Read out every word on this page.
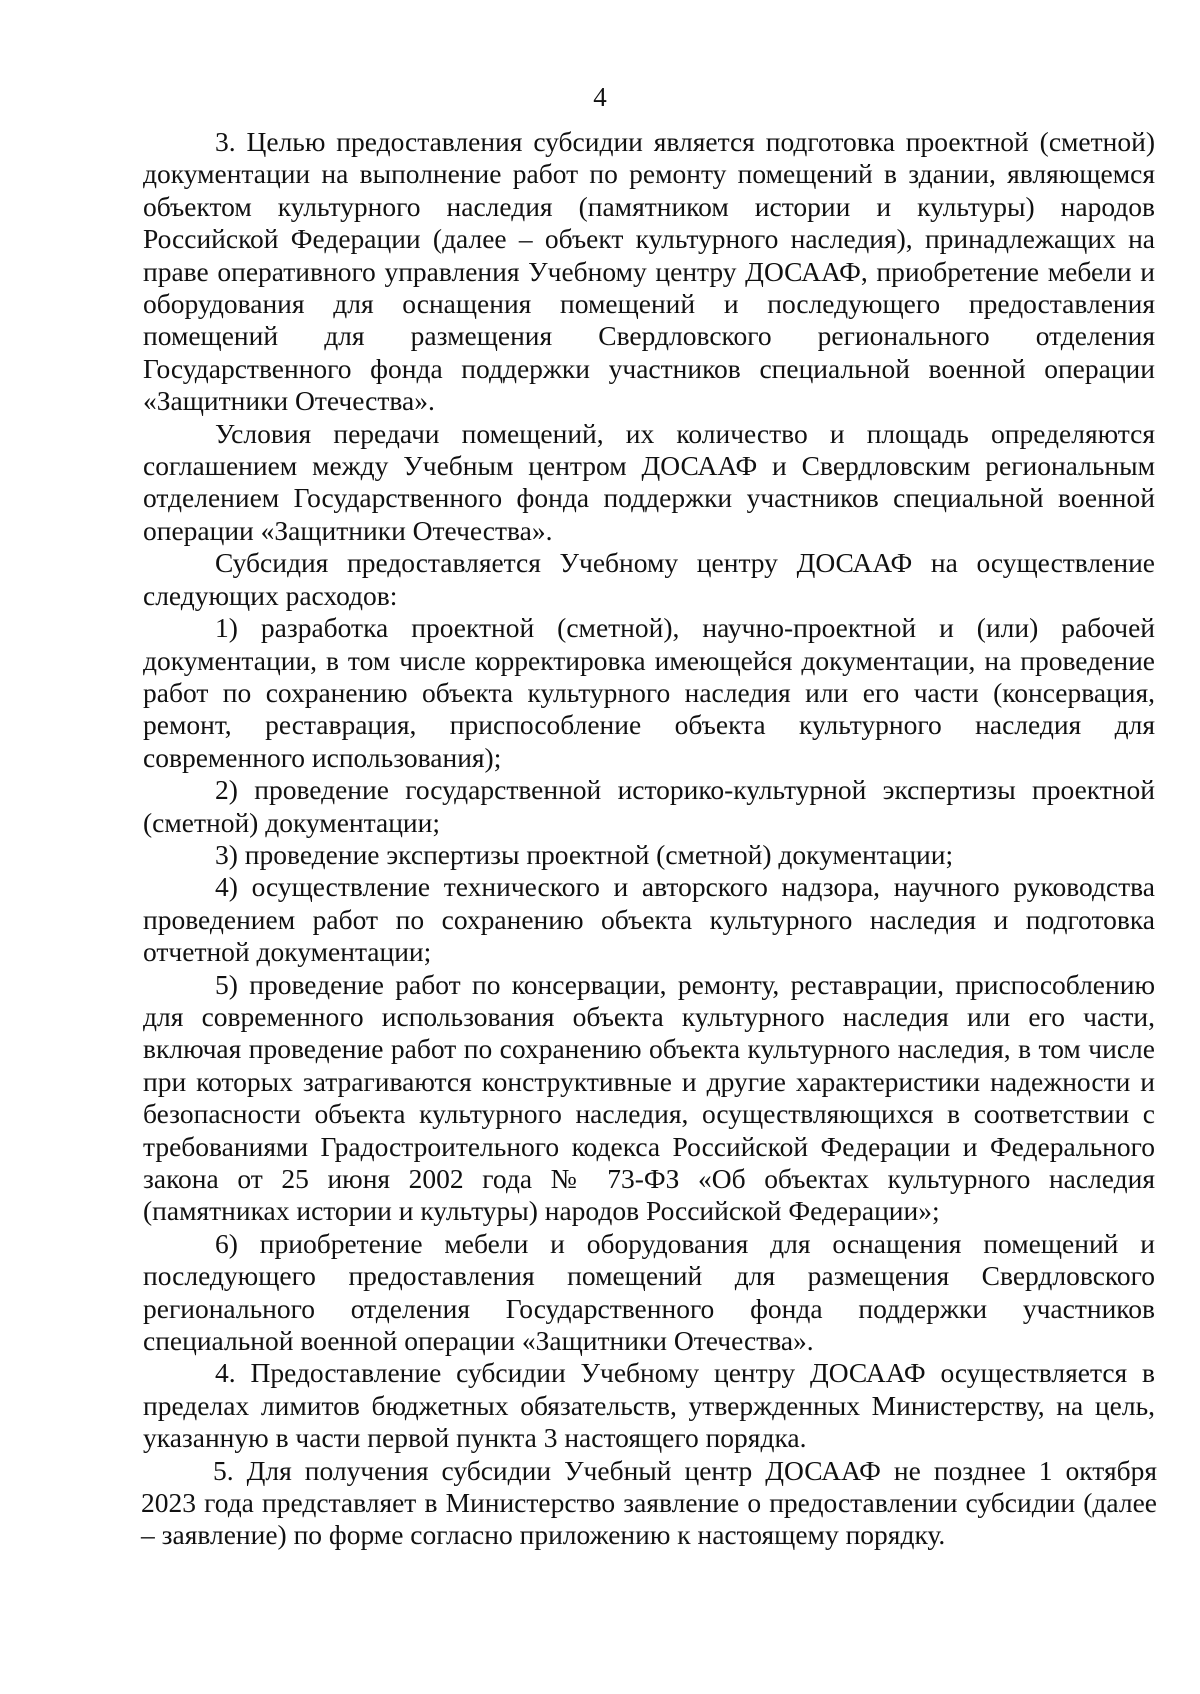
4

3. Целью предоставления субсидии является подготовка проектной (сметной) документации на выполнение работ по ремонту помещений в здании, являющемся объектом культурного наследия (памятником истории и культуры) народов Российской Федерации (далее – объект культурного наследия), принадлежащих на праве оперативного управления Учебному центру ДОСААФ, приобретение мебели и оборудования для оснащения помещений и последующего предоставления помещений для размещения Свердловского регионального отделения Государственного фонда поддержки участников специальной военной операции «Защитники Отечества».

Условия передачи помещений, их количество и площадь определяются соглашением между Учебным центром ДОСААФ и Свердловским региональным отделением Государственного фонда поддержки участников специальной военной операции «Защитники Отечества».

Субсидия предоставляется Учебному центру ДОСААФ на осуществление следующих расходов:

1) разработка проектной (сметной), научно-проектной и (или) рабочей документации, в том числе корректировка имеющейся документации, на проведение работ по сохранению объекта культурного наследия или его части (консервация, ремонт, реставрация, приспособление объекта культурного наследия для современного использования);

2) проведение государственной историко-культурной экспертизы проектной (сметной) документации;

3) проведение экспертизы проектной (сметной) документации;

4) осуществление технического и авторского надзора, научного руководства проведением работ по сохранению объекта культурного наследия и подготовка отчетной документации;

5) проведение работ по консервации, ремонту, реставрации, приспособлению для современного использования объекта культурного наследия или его части, включая проведение работ по сохранению объекта культурного наследия, в том числе при которых затрагиваются конструктивные и другие характеристики надежности и безопасности объекта культурного наследия, осуществляющихся в соответствии с требованиями Градостроительного кодекса Российской Федерации и Федерального закона от 25 июня 2002 года № 73-ФЗ «Об объектах культурного наследия (памятниках истории и культуры) народов Российской Федерации»;

6) приобретение мебели и оборудования для оснащения помещений и последующего предоставления помещений для размещения Свердловского регионального отделения Государственного фонда поддержки участников специальной военной операции «Защитники Отечества».

4. Предоставление субсидии Учебному центру ДОСААФ осуществляется в пределах лимитов бюджетных обязательств, утвержденных Министерству, на цель, указанную в части первой пункта 3 настоящего порядка.

5. Для получения субсидии Учебный центр ДОСААФ не позднее 1 октября 2023 года представляет в Министерство заявление о предоставлении субсидии (далее – заявление) по форме согласно приложению к настоящему порядку.
